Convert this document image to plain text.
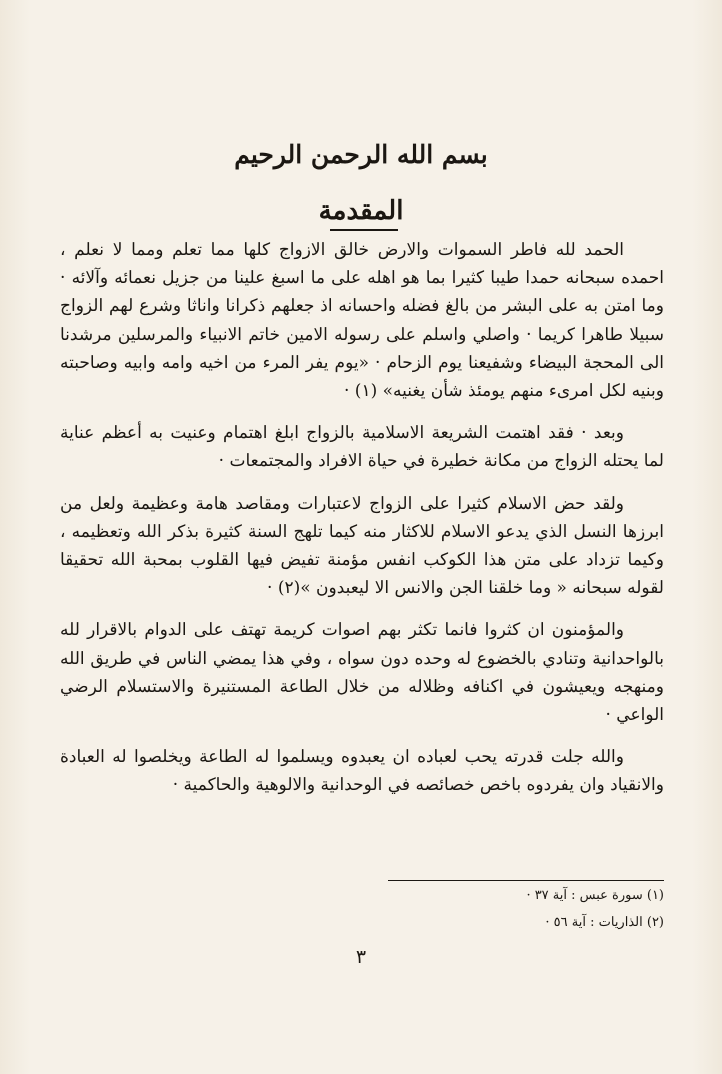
بسم الله الرحمن الرحيم
المقدمة

الحمد لله فاطر السموات والارض خالق الازواج كلها مما تعلم ومما لا نعلم ، احمده سبحانه حمدا طيبا كثيرا بما هو اهله على ما اسبغ علينا من جزيل نعمائه وآلائه · وما امتن به على البشر من بالغ فضله واحسانه اذ جعلهم ذكرانا واناثا وشرع لهم الزواج سبيلا طاهرا كريما · واصلي واسلم على رسوله الامين خاتم الانبياء والمرسلين مرشدنا الى المحجة البيضاء وشفيعنا يوم الزحام · «يوم يفر المرء من اخيه وامه وابيه وصاحبته وبنيه لكل امرىء منهم يومئذ شأن يغنيه» (١) ·

وبعد · فقد اهتمت الشريعة الاسلامية بالزواج ابلغ اهتمام وعنيت به أعظم عناية لما يحتله الزواج من مكانة خطيرة في حياة الافراد والمجتمعات ·

ولقد حض الاسلام كثيرا على الزواج لاعتبارات ومقاصد هامة وعظيمة ولعل من ابرزها النسل الذي يدعو الاسلام للاكثار منه كيما تلهج السنة كثيرة بذكر الله وتعظيمه ، وكيما تزداد على متن هذا الكوكب انفس مؤمنة تفيض فيها القلوب بمحبة الله تحقيقا لقوله سبحانه « وما خلقنا الجن والانس الا ليعبدون »(٢) ·

والمؤمنون ان كثروا فانما تكثر بهم اصوات كريمة تهتف على الدوام بالاقرار لله بالواحدانية وتنادي بالخضوع له وحده دون سواه ، وفي هذا يمضي الناس في طريق الله ومنهجه ويعيشون في اكنافه وظلاله من خلال الطاعة المستنيرة والاستسلام الرضي الواعي ·

والله جلت قدرته يحب لعباده ان يعبدوه ويسلموا له الطاعة ويخلصوا له العبادة والانقياد وان يفردوه باخص خصائصه في الوحدانية والالوهية والحاكمية ·

(١) سورة عبس : آية ٣٧ ·
(٢) الذاريات : آية ٥٦ ·
٣
